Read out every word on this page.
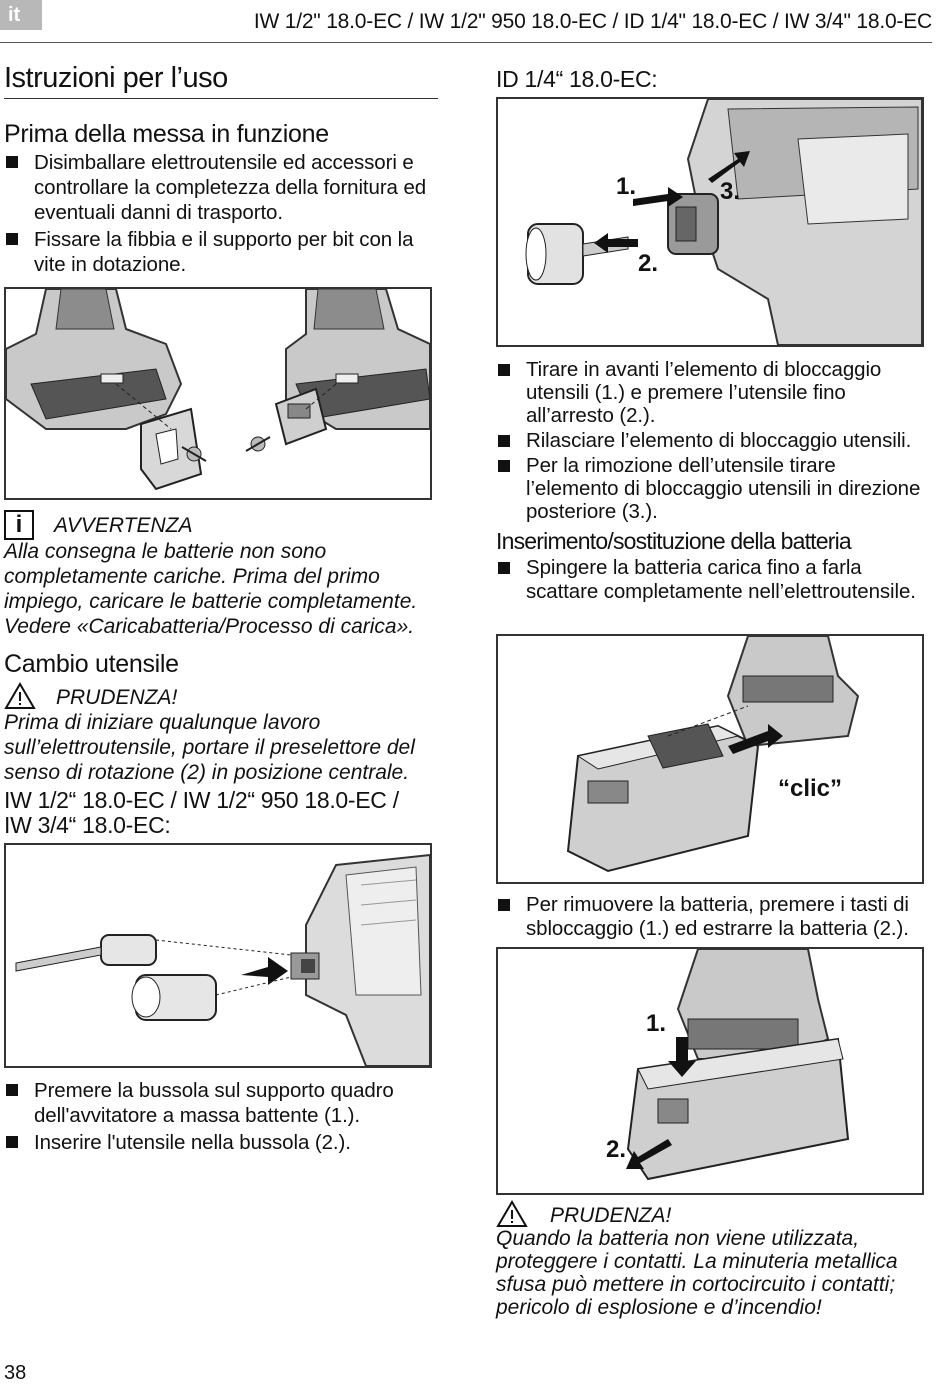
it	IW 1/2" 18.0-EC / IW 1/2" 950 18.0-EC / ID 1/4" 18.0-EC / IW 3/4" 18.0-EC
Istruzioni per l’uso
Prima della messa in funzione
Disimballare elettroutensile ed accessori e controllare la completezza della fornitura ed eventuali danni di trasporto.
Fissare la fibbia e il supporto per bit con la vite in dotazione.
i	AVVERTENZA
Alla consegna le batterie non sono completamente cariche. Prima del primo impiego, caricare le batterie completamente. Vedere «Caricabatteria/Processo di carica».
Cambio utensile
PRUDENZA!
Prima di iniziare qualunque lavoro sull’elettroutensile, portare il preselettore del senso di rotazione (2) in posizione centrale.
IW 1/2“ 18.0-EC / IW 1/2“ 950 18.0-EC /
IW 3/4“ 18.0-EC:
Premere la bussola sul supporto quadro dell'avvitatore a massa battente (1.).
Inserire l'utensile nella bussola (2.).
ID 1/4“ 18.0-EC:
1.
2.
3.
Tirare in avanti l’elemento di bloccaggio utensili (1.) e premere l’utensile fino all’arresto (2.).
Rilasciare l’elemento di bloccaggio utensili.
Per la rimozione dell’utensile tirare l’elemento di bloccaggio utensili in direzione posteriore (3.).
Inserimento/sostituzione della batteria
Spingere la batteria carica fino a farla scattare completamente nell’elettroutensile.
“clic”
Per rimuovere la batteria, premere i tasti di sbloccaggio (1.) ed estrarre la batteria (2.).
1.
2.
PRUDENZA!
Quando la batteria non viene utilizzata, proteggere i contatti. La minuteria metallica sfusa può mettere in cortocircuito i contatti; pericolo di esplosione e d’incendio!
38
